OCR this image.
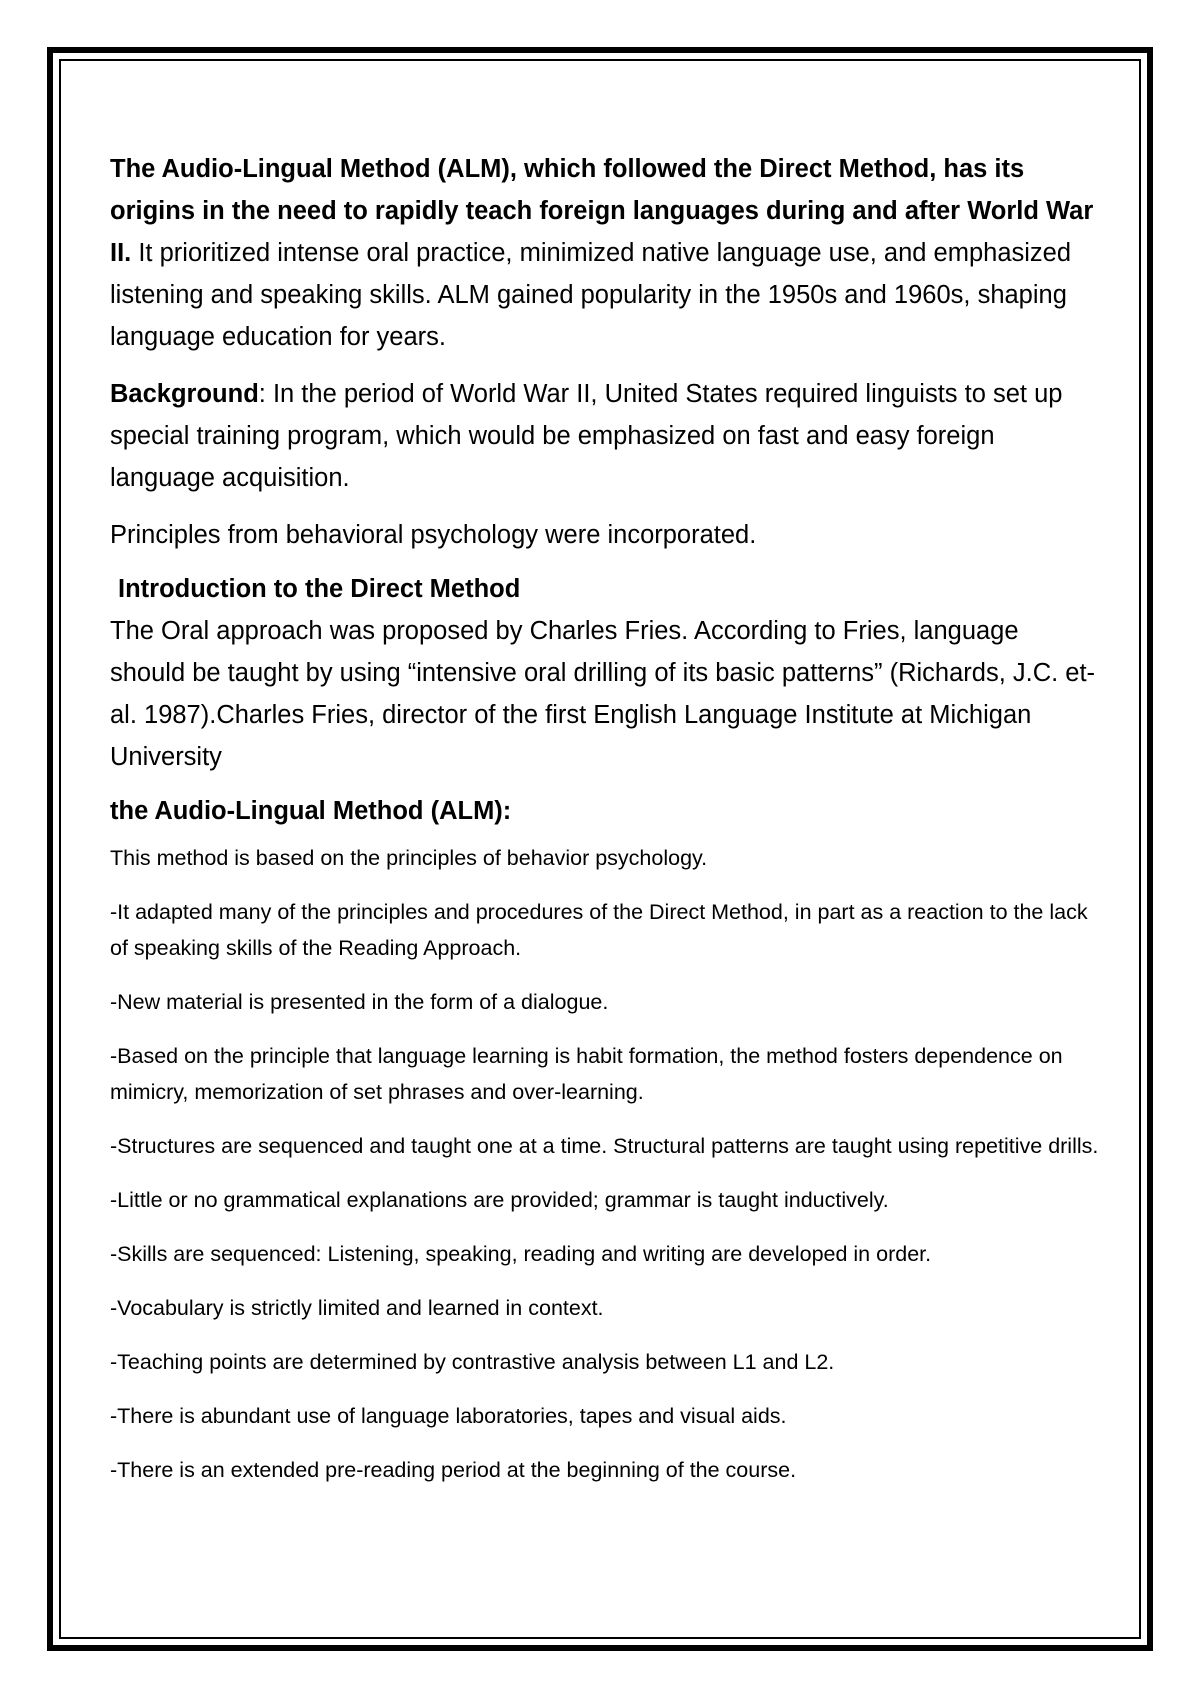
The Audio-Lingual Method (ALM), which followed the Direct Method, has its origins in the need to rapidly teach foreign languages during and after World War II. It prioritized intense oral practice, minimized native language use, and emphasized listening and speaking skills. ALM gained popularity in the 1950s and 1960s, shaping language education for years.

Background: In the period of World War II, United States required linguists to set up special training program, which would be emphasized on fast and easy foreign language acquisition.

Principles from behavioral psychology were incorporated.

Introduction to the Direct Method

The Oral approach was proposed by Charles Fries. According to Fries, language should be taught by using “intensive oral drilling of its basic patterns” (Richards, J.C. et-al. 1987).Charles Fries, director of the first English Language Institute at Michigan University

the Audio-Lingual Method (ALM):

This method is based on the principles of behavior psychology.

-It adapted many of the principles and procedures of the Direct Method, in part as a reaction to the lack of speaking skills of the Reading Approach.

-New material is presented in the form of a dialogue.

-Based on the principle that language learning is habit formation, the method fosters dependence on mimicry, memorization of set phrases and over-learning.

-Structures are sequenced and taught one at a time. Structural patterns are taught using repetitive drills.

-Little or no grammatical explanations are provided; grammar is taught inductively.

-Skills are sequenced: Listening, speaking, reading and writing are developed in order.

-Vocabulary is strictly limited and learned in context.

-Teaching points are determined by contrastive analysis between L1 and L2.

-There is abundant use of language laboratories, tapes and visual aids.

-There is an extended pre-reading period at the beginning of the course.
